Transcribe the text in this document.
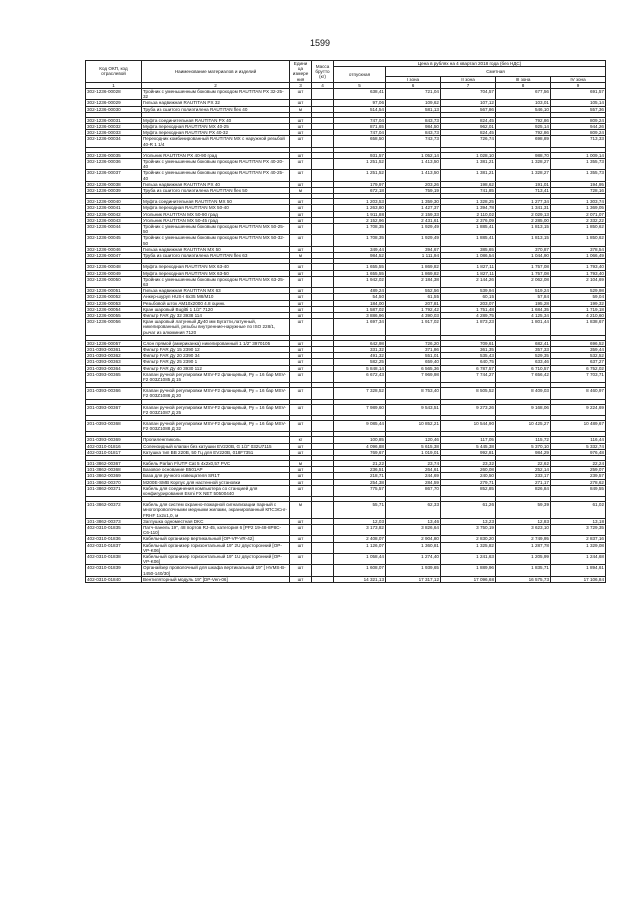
1599
Код ОКП, код отраслевой	Наименование материалов и изделий	Едини ца измере ния	Масса брутто (кг)	Цена в рублях на 4 квартал 2018 года (без НДС)				
				отпускная	Сметная			
					I зона	II зона	III зона	IV зона
1	2	3	4	5	6	7	8	9
302-1236-00028	Тройник с уменьшенным боковым проходом RAUTITAN PX 32-25-32	шт		638,41	721,04	704,57	677,56	691,57
302-1236-00029	Гильза надвижная RAUTITAN PX 32	шт		97,06	109,62	107,12	103,01	105,14
302-1236-00030	Труба из сшитого полиэтилена RAUTITAN flex 40	м		514,54	581,13	567,86	546,10	557,36

302-1236-00031	Муфта соединительная RAUTITAN PX 40	шт		747,04	843,73	824,45	792,86	809,24
302-1236-00032	Муфта переходная RAUTITAN MX 40-25	шт		871,65	984,50	962,01	925,14	944,26
302-1236-00033	Муфта переходная RAUTITAN PX 40-32	шт		747,04	843,73	824,45	792,86	809,24
302-1236-00034	Переходник комбинированный RAUTITAN MX с наружной резьбой 40-R 1 1/4	шт		658,50	743,73	726,74	698,89	713,33

302-1236-00035	Угольник RAUTITAN PX 40-90 град	шт		931,57	1 052,14	1 028,10	988,70	1 009,14
302-1236-00036	Тройник с уменьшенным боковым проходом RAUTITAN PX 40-20-40	шт		1 251,52	1 413,50	1 381,21	1 328,27	1 355,73
302-1236-00037	Тройник с уменьшенным боковым проходом RAUTITAN PX 40-25-40	шт		1 251,52	1 413,50	1 381,21	1 328,27	1 355,73
302-1236-00038	Гильза надвижная RAUTITAN PX 40	шт		179,97	203,26	198,62	191,01	194,95
302-1236-00039	Труба из сшитого полиэтилена RAUTITAN flex 50	м		672,18	759,19	741,85	713,41	728,16

302-1236-00040	Муфта соединительная RAUTITAN MX 50	шт		1 203,53	1 359,30	1 328,25	1 277,34	1 303,74
302-1236-00041	Муфта переходная RAUTITAN MX 50-40	шт		1 263,80	1 427,37	1 394,78	1 341,31	1 369,05
302-1236-00042	Угольник RAUTITAN MX 50-90 град	шт		1 911,88	2 159,33	2 110,02	2 029,13	2 071,07
302-1236-00043	Угольник RAUTITAN MX 50-45 град	шт		2 152,96	2 431,61	2 376,09	2 285,00	2 332,22
302-1236-00044	Тройник с уменьшенным боковым проходом RAUTITAN MX 50-25-50	шт		1 708,35	1 929,49	1 885,41	1 813,15	1 850,62
302-1236-00045	Тройник с уменьшенным боковым проходом RAUTITAN MX 50-32-50	шт		1 708,35	1 929,49	1 885,41	1 813,15	1 850,62
302-1236-00046	Гильза надвижная RAUTITAN MX 50	шт		349,44	394,67	385,65	370,87	378,54
302-1236-00047	Труба из сшитого полиэтилена RAUTITAN flex 63	м		984,52	1 111,94	1 086,54	1 044,90	1 066,49

302-1236-00048	Муфта переходная RAUTITAN MX 63-40	шт		1 655,55	1 869,82	1 827,11	1 757,08	1 793,40
302-1236-00049	Муфта переходная RAUTITAN MX 63-50	шт		1 655,55	1 869,82	1 827,11	1 757,08	1 793,40
302-1236-00050	Тройник с уменьшенным боковым проходом RAUTITAN MX 63-25-63	шт		1 942,02	2 184,38	2 144,26	2 062,08	2 104,69
302-1236-00051	Гильза надвижная RAUTITAN MX 63	шт		489,24	552,56	539,94	519,24	529,98
302-1236-00052	Анкер-шуруп HUS-I 6х35 M8/M10	шт		54,50	61,55	60,15	57,84	59,04
302-1236-00053	Резьбовой шток AM10х2000 4.8 оцинк.	шт		184,00	207,81	203,07	195,28	199,32
302-1236-00054	Кран шаровый Bugitti 1 1/2" 7120	шт		1 587,02	1 792,42	1 751,48	1 684,35	1 719,18
302-1236-00055	Фильтр FAR Ду 32 3938 114	шт		3 886,96	4 390,03	4 289,75	4 125,34	4 210,60
302-1236-00056	Кран шаровый латунный Ду40 мм Бугатти,латунный, никелированный, резьбы внутренние-наружные по ISO 228/1, рычаг из алюминия 7120	шт		1 697,34	1 917,02	1 873,23	1 801,44	1 838,67

302-1236-00057	Слон прямой (американка) никелированный 1 1/2" 3970105	шт		642,98	726,20	709,61	682,41	696,52
201-0393-00361	Фильтр FAR Ду 15 2390 12	шт		331,32	371,86	361,35	357,33	359,44
201-0393-00362	Фильтр FAR Ду 20 2390 34	шт		491,32	551,01	535,43	529,35	532,52
201-0393-00363	Фильтр FAR Ду 25 2390 1	шт		582,25	659,40	640,75	633,46	637,27
201-0393-00364	Фильтр FAR Ду 40 3930 112	шт		5 848,14	6 565,36	6 787,57	6 710,57	6 752,02
201-0393-00365	Клапан ручной регулировки MSV-F2 фланцевый, Ру = 16 бар MSV-F2 003Z1085 Д 15	шт		6 672,43	7 969,98	7 744,27	7 656,42	7 703,71

201-0393-00366	Клапан ручной регулировки MSV-F2 фланцевый, Ру = 16 бар MSV-F2 003Z1086 Д 20	шт		7 328,52	8 753,40	8 505,52	8 409,03	8 460,97

201-0393-00367	Клапан ручной регулировки MSV-F2 фланцевый, Ру = 16 бар MSV-F2 003Z1087 Д 25	шт		7 989,60	9 543,51	9 273,26	9 168,06	9 224,69

201-0393-00368	Клапан ручной регулировки MSV-F2 фланцевый, Ру = 16 бар MSV-F2 003Z1088 Д 32	шт		9 085,44	10 852,21	10 544,90	10 425,27	10 489,67

201-0393-00369	Пропиленгликоль	кг		100,85	120,46	117,05	115,72	116,44
402-0310-01816	Соленоидный клапан без катушки EV220B, G 1/2" 032U7115	шт		4 096,88	5 615,38	5 445,38	5 370,10	5 332,74
402-0310-01817	Катушка тип BB 220В, 50 Гц для EV220B, 018F7351	шт		769,67	1 019,01	992,81	984,29	976,48

101-3862-00367	Кабель Parlan F/UTP Cat 5 4х2х0,57 PVC	м		21,22	23,74	23,32	22,62	22,24
101-3862-00368	Базовое основание B501AP	шт		236,51	264,61	260,08	252,14	259,07
101-3862-00369	База для ручного извещателя SR1T	шт		218,71	244,69	240,50	233,17	239,57
101-3862-00370	M200E-SMB Корпус для настенной установки	шт		254,38	284,59	279,71	271,17	278,62
101-3862-00371	Кабель для соединения компьютера со станцией для конфигурирования Esmi FX NET 50500440	шт		775,57	867,70	852,85	826,84	849,55

101-3862-00372	Кабель для систем охранно-пожарной сигнализации парный с многопроволочными медными жилами, экранированный КПСЭСнг-FRHF 1х2х1,0, м	м		55,71	62,33	61,26	59,39	61,02
101-3862-00373	Заглушка одноместная DKC	шт		12,03	13,46	13,23	12,83	13,18
402-0310-01835	Патч-панель 19", 48 портов RJ-45, категория 6 [PP2 19-48-8P8C-C6-110]	шт		3 173,82	3 826,64	3 750,19	3 623,10	3 729,35
402-0310-01836	Кабельный организер вертикальный [OP-VP-VR-42]	шт		2 408,07	2 904,80	2 830,20	2 749,95	2 837,16
402-0310-01837	Кабельный организер горизонтальный 19" 2U двусторонний [OP-VP-K06]	шт		1 126,07	1 360,81	1 325,82	1 287,78	1 329,08
402-0310-01838	Кабельный организер горизонтальный 19" 1U двусторонний [OP-VP-K06]	шт		1 058,44	1 274,40	1 241,63	1 205,99	1 244,68
402-0310-01839	Органайзер проволочный для шкафа вертикальный 19" [ HVMS-B-1450-140/30]	шт		1 608,07	1 939,65	1 889,96	1 835,71	1 894,61
402-0310-01840	Вентиляторный модуль 19" [DP-Ven-06]	шт		14 321,13	17 317,12	17 096,68	16 575,73	17 106,84
